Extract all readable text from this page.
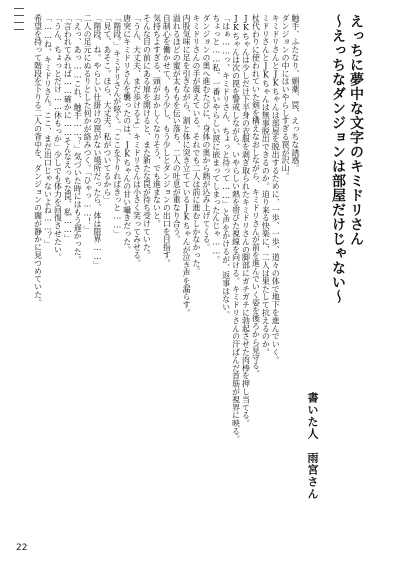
えっちに夢中な文字のキミドリさん
〜えっちなダンジョンは部屋だけじゃない〜
書いた人　雨宮さん
触手、ふたなり、媚薬、罠、えっちな誘惑。
ダンジョンの中にはいやらしすぎる罠が沢山。
キミドリさんとJKちゃんは部屋を脱出するために、一歩、一歩、道々の体で地下を進んでいく。
ミドリさんとJKちゃんは無事脱出できるのか。迫り来る快楽に、二人は果たして抗えるのか。
杖代わりに使われていた剣を構えなおしながら、キミドリさんが前を進んでいく姿を後ろから見守る。
JKちゃんは少しだけ下半身の衣服を剥ぎ取られたキミドリさんの脚部にガチガチに勃起させた肉棒を押し当てる。
JKちゃんは次の罠を警戒しながら、いやらしい熱を帯びた視線を向ける。キミドリさんの汗ばんだ首筋が視界に映る。
「はぁ……っ、キミドリさん、ちょっと待って……」と声をかけるが、返事はない。
ちょっと……私、一番いやらしい罠に嵌まってしまったんじゃ……。
ダンジョンの奥へ進むたびに、身体の奥から熱が込み上げてくる。
キミドリさんの手が震えている。それでも二人は前に進むしかなかった。
内股気味に足を引きながら、割と体に突き立てているJKちゃんが泣き声を漏らす。
溢れるほどの蜜が太ももを伝い落ち、二人の吐息が重なり合う。
自制心を働かせて、もう少し、もう少しとダンジョンの出口を目指す。
気持ちよすぎる、頭がおかしくなりそう、でも進まないと。
そんな目の前にある扉を開けると、また新たな罠が待ち受けていた。
「うん、大丈夫、まだ歩けるよ」キミドリさんは小さく笑ってみせる。
唐突にキミドリさんを襲ったのは、JKちゃんの甘い囁きだった。
「階段。」キミドリさんが呟く。「ここを下りればきっと……」
「見て、あそこ。ほら、大丈夫。私がついてるから」
「階段、ね。やらしい仕掛けの罠がない場所だったら、体は限界……」
二人の足元にぬるりとした何かが絡みつく。「ひゃっ……！」
「えっ、あっ……これ、触手……？」気づいた時にはもう遅かった。
「言われてみれば……確かに……そんなえっちな罠、私……」
「うん、ちょっとだけ……休もっか」少しでも体力を回復させたい。
「……ね、キミドリさん。ここ、まだ出口じゃないよね……？」
希望を持って階段を下りる二人の背中を、ダンジョンの闇が静かに見つめていた。
22
